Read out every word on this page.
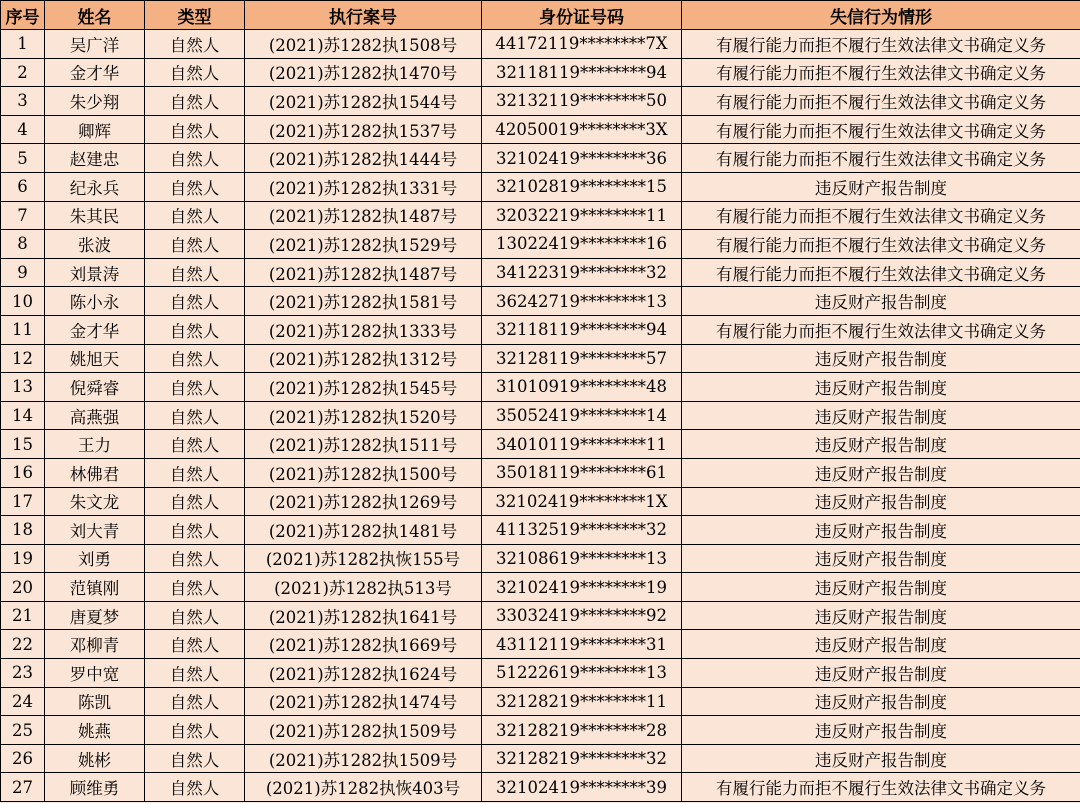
序号	姓名	类型	执行案号	身份证号码	失信行为情形
1	吴广洋	自然人	(2021)苏1282执1508号	44172119********7X	有履行能力而拒不履行生效法律文书确定义务
2	金才华	自然人	(2021)苏1282执1470号	32118119********94	有履行能力而拒不履行生效法律文书确定义务
3	朱少翔	自然人	(2021)苏1282执1544号	32132119********50	有履行能力而拒不履行生效法律文书确定义务
4	卿辉	自然人	(2021)苏1282执1537号	42050019********3X	有履行能力而拒不履行生效法律文书确定义务
5	赵建忠	自然人	(2021)苏1282执1444号	32102419********36	有履行能力而拒不履行生效法律文书确定义务
6	纪永兵	自然人	(2021)苏1282执1331号	32102819********15	违反财产报告制度
7	朱其民	自然人	(2021)苏1282执1487号	32032219********11	有履行能力而拒不履行生效法律文书确定义务
8	张波	自然人	(2021)苏1282执1529号	13022419********16	有履行能力而拒不履行生效法律文书确定义务
9	刘景涛	自然人	(2021)苏1282执1487号	34122319********32	有履行能力而拒不履行生效法律文书确定义务
10	陈小永	自然人	(2021)苏1282执1581号	36242719********13	违反财产报告制度
11	金才华	自然人	(2021)苏1282执1333号	32118119********94	有履行能力而拒不履行生效法律文书确定义务
12	姚旭天	自然人	(2021)苏1282执1312号	32128119********57	违反财产报告制度
13	倪舜睿	自然人	(2021)苏1282执1545号	31010919********48	违反财产报告制度
14	高燕强	自然人	(2021)苏1282执1520号	35052419********14	违反财产报告制度
15	王力	自然人	(2021)苏1282执1511号	34010119********11	违反财产报告制度
16	林佛君	自然人	(2021)苏1282执1500号	35018119********61	违反财产报告制度
17	朱文龙	自然人	(2021)苏1282执1269号	32102419********1X	违反财产报告制度
18	刘大青	自然人	(2021)苏1282执1481号	41132519********32	违反财产报告制度
19	刘勇	自然人	(2021)苏1282执恢155号	32108619********13	违反财产报告制度
20	范镇刚	自然人	(2021)苏1282执513号	32102419********19	违反财产报告制度
21	唐夏梦	自然人	(2021)苏1282执1641号	33032419********92	违反财产报告制度
22	邓柳青	自然人	(2021)苏1282执1669号	43112119********31	违反财产报告制度
23	罗中宽	自然人	(2021)苏1282执1624号	51222619********13	违反财产报告制度
24	陈凯	自然人	(2021)苏1282执1474号	32128219********11	违反财产报告制度
25	姚燕	自然人	(2021)苏1282执1509号	32128219********28	违反财产报告制度
26	姚彬	自然人	(2021)苏1282执1509号	32128219********32	违反财产报告制度
27	顾维勇	自然人	(2021)苏1282执恢403号	32102419********39	有履行能力而拒不履行生效法律文书确定义务
